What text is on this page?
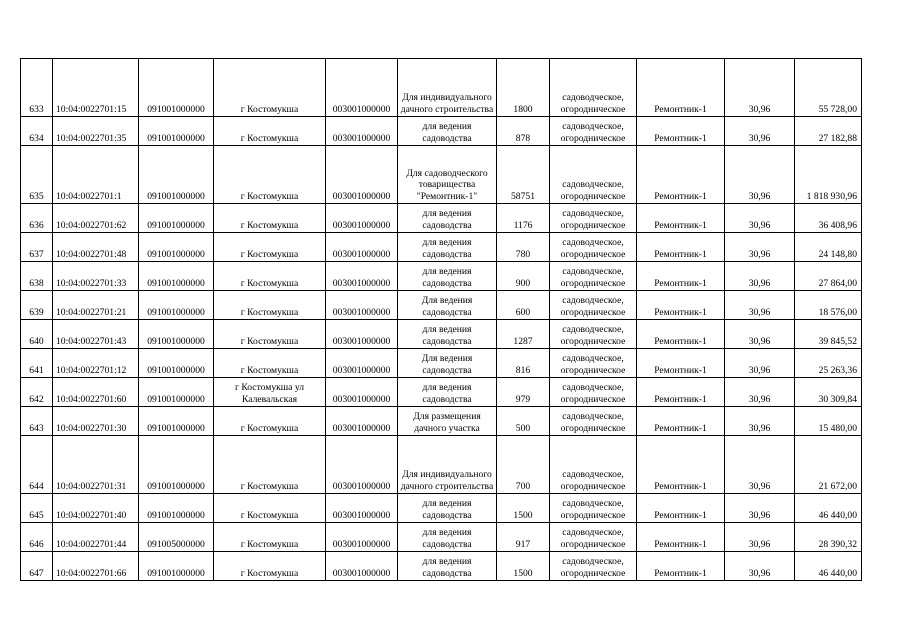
633	10:04:0022701:15	091001000000	г Костомукша	003001000000	Для индивидуального дачного строительства	1800	садоводческое, огородническое	Ремонтник-1	30,96	55 728,00
634	10:04:0022701:35	091001000000	г Костомукша	003001000000	для ведения садоводства	878	садоводческое, огородническое	Ремонтник-1	30,96	27 182,88
635	10:04:0022701:1	091001000000	г Костомукша	003001000000	Для садоводческого товарищества "Ремонтник-1"	58751	садоводческое, огородническое	Ремонтник-1	30,96	1 818 930,96
636	10:04:0022701:62	091001000000	г Костомукша	003001000000	для ведения садоводства	1176	садоводческое, огородническое	Ремонтник-1	30,96	36 408,96
637	10:04:0022701:48	091001000000	г Костомукша	003001000000	для ведения садоводства	780	садоводческое, огородническое	Ремонтник-1	30,96	24 148,80
638	10:04:0022701:33	091001000000	г Костомукша	003001000000	для ведения садоводства	900	садоводческое, огородническое	Ремонтник-1	30,96	27 864,00
639	10:04:0022701:21	091001000000	г Костомукша	003001000000	Для ведения садоводства	600	садоводческое, огородническое	Ремонтник-1	30,96	18 576,00
640	10:04:0022701:43	091001000000	г Костомукша	003001000000	для ведения садоводства	1287	садоводческое, огородническое	Ремонтник-1	30,96	39 845,52
641	10:04:0022701:12	091001000000	г Костомукша	003001000000	Для ведения садоводства	816	садоводческое, огородническое	Ремонтник-1	30,96	25 263,36
642	10:04:0022701:60	091001000000	г Костомукша ул Калевальская	003001000000	для ведения садоводства	979	садоводческое, огородническое	Ремонтник-1	30,96	30 309,84
643	10:04:0022701:30	091001000000	г Костомукша	003001000000	Для размещения дачного участка	500	садоводческое, огородническое	Ремонтник-1	30,96	15 480,00
644	10:04:0022701:31	091001000000	г Костомукша	003001000000	Для индивидуального дачного строительства	700	садоводческое, огородническое	Ремонтник-1	30,96	21 672,00
645	10:04:0022701:40	091001000000	г Костомукша	003001000000	для ведения садоводства	1500	садоводческое, огородническое	Ремонтник-1	30,96	46 440,00
646	10:04:0022701:44	091005000000	г Костомукша	003001000000	для ведения садоводства	917	садоводческое, огородническое	Ремонтник-1	30,96	28 390,32
647	10:04:0022701:66	091001000000	г Костомукша	003001000000	для ведения садоводства	1500	садоводческое, огородническое	Ремонтник-1	30,96	46 440,00
